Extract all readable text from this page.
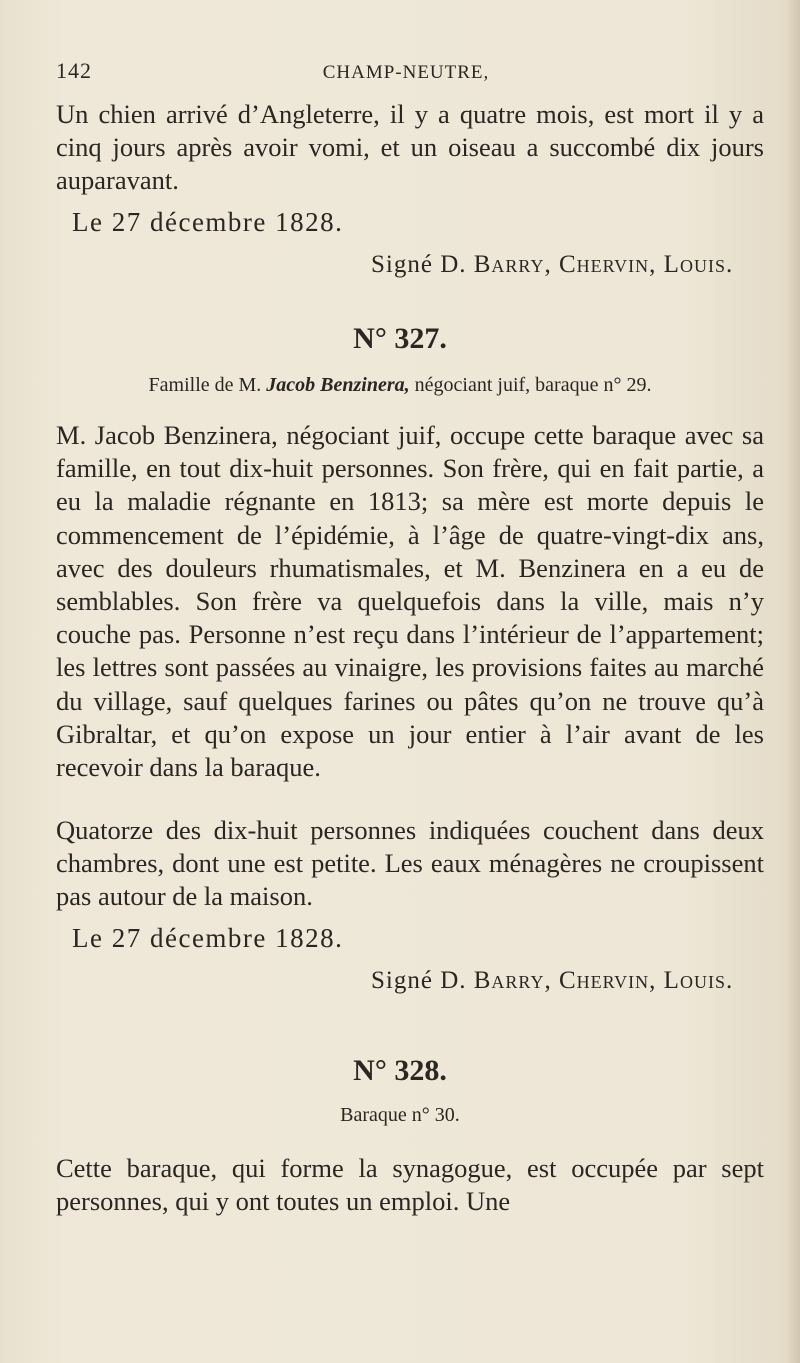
142	CHAMP-NEUTRE,

Un chien arrivé d’Angleterre, il y a quatre mois, est mort il y a cinq jours après avoir vomi, et un oiseau a succombé dix jours auparavant.

Le 27 décembre 1828.
Signé D. Barry, Chervin, Louis.
N° 327.
Famille de M. Jacob Benzinera, négociant juif, baraque n° 29.

M. Jacob Benzinera, négociant juif, occupe cette baraque avec sa famille, en tout dix-huit personnes. Son frère, qui en fait partie, a eu la maladie régnante en 1813; sa mère est morte depuis le commencement de l’épidémie, à l’âge de quatre-vingt-dix ans, avec des douleurs rhumatismales, et M. Benzinera en a eu de semblables. Son frère va quelquefois dans la ville, mais n’y couche pas. Personne n’est reçu dans l’intérieur de l’appartement; les lettres sont passées au vinaigre, les provisions faites au marché du village, sauf quelques farines ou pâtes qu’on ne trouve qu’à Gibraltar, et qu’on expose un jour entier à l’air avant de les recevoir dans la baraque.

Quatorze des dix-huit personnes indiquées couchent dans deux chambres, dont une est petite. Les eaux ménagères ne croupissent pas autour de la maison.

Le 27 décembre 1828.
Signé D. Barry, Chervin, Louis.
N° 328.
Baraque n° 30.

Cette baraque, qui forme la synagogue, est occupée par sept personnes, qui y ont toutes un emploi. Une
